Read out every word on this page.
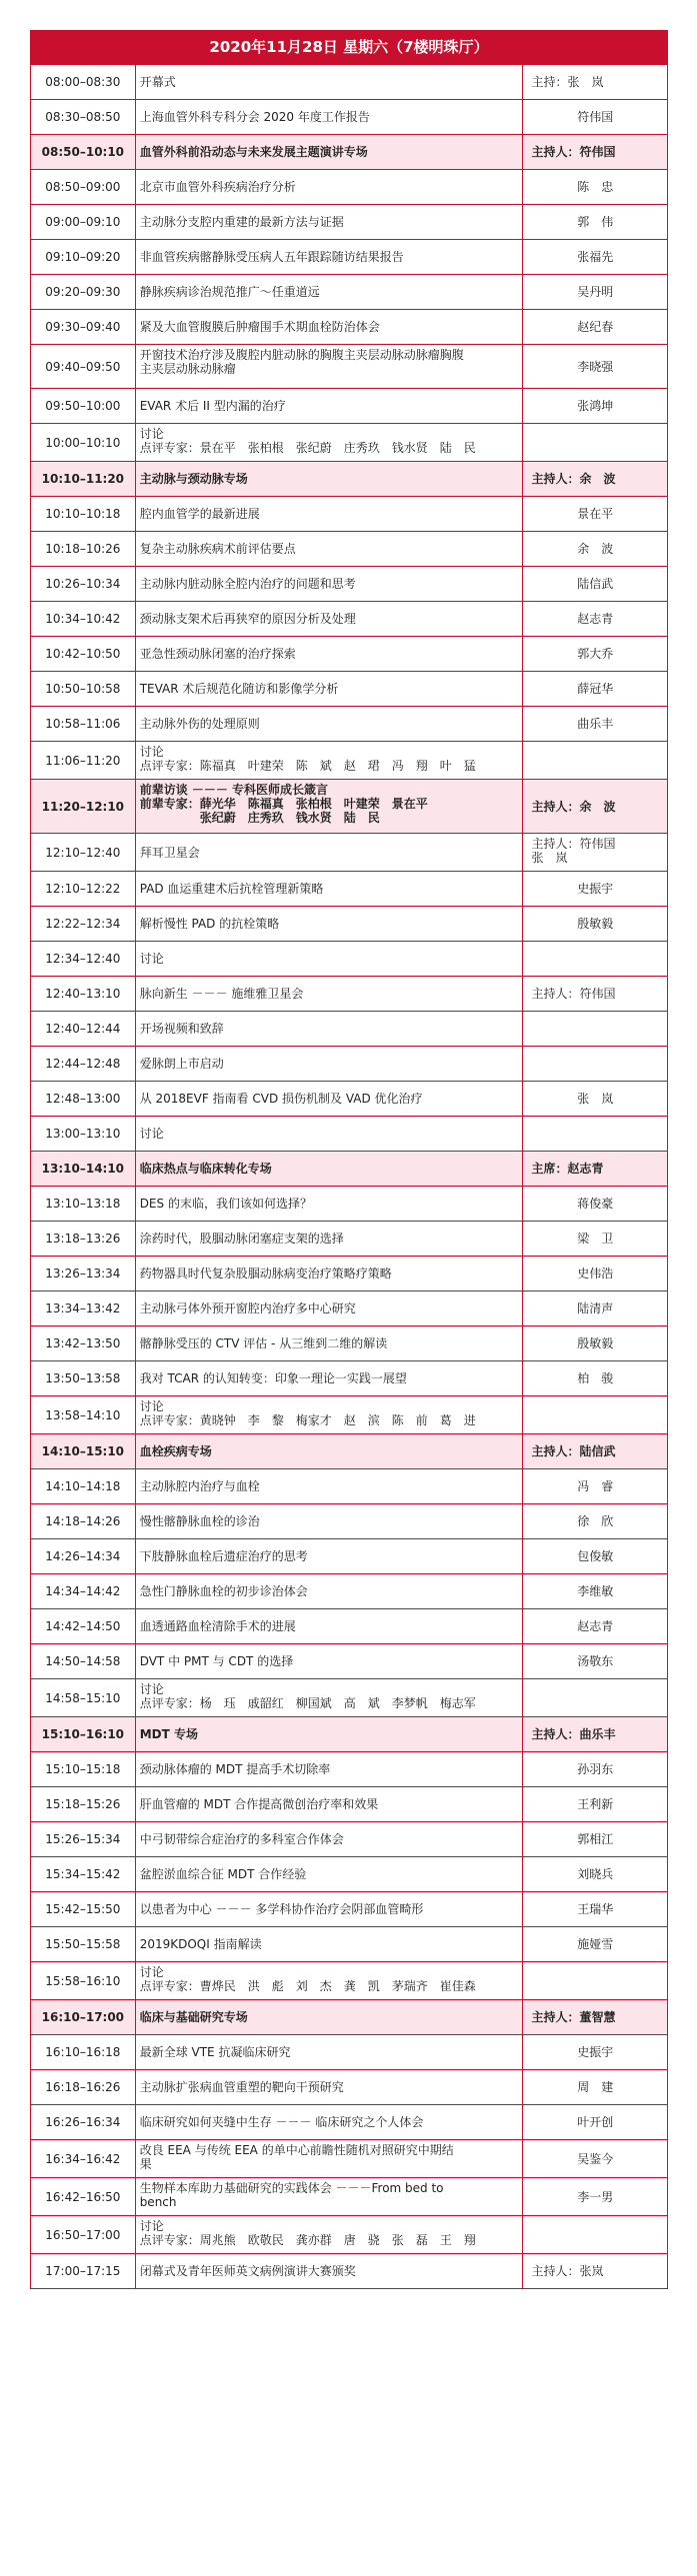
2020年11月28日 星期六（7楼明珠厅）
08:00–08:30	开幕式	主持：张　岚
08:30–08:50	上海血管外科专科分会 2020 年度工作报告	符伟国
08:50–10:10	血管外科前沿动态与未来发展主题演讲专场	主持人：符伟国
08:50–09:00	北京市血管外科疾病治疗分析	陈　忠
09:00–09:10	主动脉分支腔内重建的最新方法与证据	郭　伟
09:10–09:20	非血管疾病髂静脉受压病人五年跟踪随访结果报告	张福先
09:20–09:30	静脉疾病诊治规范推广～任重道远	吴丹明
09:30–09:40	紧及大血管腹膜后肿瘤围手术期血栓防治体会	赵纪春
09:40–09:50
开窗技术治疗涉及腹腔内脏动脉的胸腹主夹层动脉动脉瘤胸腹
主夹层动脉动脉瘤	李晓强
09:50–10:00	EVAR 术后 II 型内漏的治疗	张鸿坤
10:00–10:10
讨论
点评专家：景在平　张柏根　张纪蔚　庄秀玖　钱水贤　陆　民
10:10–11:20	主动脉与颈动脉专场	主持人：余　波
10:10–10:18	腔内血管学的最新进展	景在平
10:18–10:26	复杂主动脉疾病术前评估要点	余　波
10:26–10:34	主动脉内脏动脉全腔内治疗的问题和思考	陆信武
10:34–10:42	颈动脉支架术后再狭窄的原因分析及处理	赵志青
10:42–10:50	亚急性颈动脉闭塞的治疗探索	郭大乔
10:50–10:58	TEVAR 术后规范化随访和影像学分析	薛冠华
10:58–11:06	主动脉外伤的处理原则	曲乐丰
11:06–11:20
讨论
点评专家：陈福真　叶建荣　陈　斌　赵　珺　冯　翔　叶　猛
11:20–12:10
前辈访谈 －－－ 专科医师成长箴言
前辈专家：薛光华　陈福真　张柏根　叶建荣　景在平
　　　　　张纪蔚　庄秀玖　钱水贤　陆　民
主持人：余　波
12:10–12:40	拜耳卫星会
主持人：符伟国
张　岚
12:10–12:22	PAD 血运重建术后抗栓管理新策略	史振宇
12:22–12:34	解析慢性 PAD 的抗栓策略	殷敏毅
12:34–12:40	讨论
12:40–13:10	脉向新生 －－－ 施维雅卫星会	主持人：符伟国
12:40–12:44	开场视频和致辞
12:44–12:48	爱脉朗上市启动
12:48–13:00	从 2018EVF 指南看 CVD 损伤机制及 VAD 优化治疗	张　岚
13:00–13:10	讨论
13:10–14:10	临床热点与临床转化专场	主席：赵志青
13:10–13:18	DES 的末临，我们该如何选择？	蒋俊豪
13:18–13:26	涂药时代，股腘动脉闭塞症支架的选择	梁　卫
13:26–13:34	药物器具时代复杂股腘动脉病变治疗策略疗策略	史伟浩
13:34–13:42	主动脉弓体外预开窗腔内治疗多中心研究	陆清声
13:42–13:50	髂静脉受压的 CTV 评估 - 从三维到二维的解读	殷敏毅
13:50–13:58	我对 TCAR 的认知转变：印象一理论一实践一展望	柏　骏
13:58–14:10
讨论
点评专家：黄晓钟　李　黎　梅家才　赵　滨　陈　前　葛　进
14:10–15:10	血栓疾病专场	主持人：陆信武
14:10–14:18	主动脉腔内治疗与血栓	冯　睿
14:18–14:26	慢性髂静脉血栓的诊治	徐　欣
14:26–14:34	下肢静脉血栓后遗症治疗的思考	包俊敏
14:34–14:42	急性门静脉血栓的初步诊治体会	李维敏
14:42–14:50	血透通路血栓清除手术的进展	赵志青
14:50–14:58	DVT 中 PMT 与 CDT 的选择	汤敬东
14:58–15:10
讨论
点评专家：杨　珏　戚韶红　柳国斌　高　斌　李梦帆　梅志军
15:10–16:10	MDT 专场	主持人：曲乐丰
15:10–15:18	颈动脉体瘤的 MDT 提高手术切除率	孙羽东
15:18–15:26	肝血管瘤的 MDT 合作提高微创治疗率和效果	王利新
15:26–15:34	中弓韧带综合症治疗的多科室合作体会	郭相江
15:34–15:42	盆腔淤血综合征 MDT 合作经验	刘晓兵
15:42–15:50	以患者为中心 －－－ 多学科协作治疗会阴部血管畸形	王瑞华
15:50–15:58	2019KDOQI 指南解读	施娅雪
15:58–16:10
讨论
点评专家：曹烨民　洪　彪　刘　杰　龚　凯　茅瑞齐　崔佳森
16:10–17:00	临床与基础研究专场	主持人：董智慧
16:10–16:18	最新全球 VTE 抗凝临床研究	史振宇
16:18–16:26	主动脉扩张病血管重塑的靶向干预研究	周　建
16:26–16:34	临床研究如何夹缝中生存 －－－ 临床研究之个人体会	叶开创
16:34–16:42
改良 EEA 与传统 EEA 的单中心前瞻性随机对照研究中期结
果	吴鉴今
16:42–16:50
生物样本库助力基础研究的实践体会 －－－From bed to
bench	李一男
16:50–17:00
讨论
点评专家：周兆熊　欧敬民　龚亦群　唐　骁　张　磊　王　翔
17:00–17:15	闭幕式及青年医师英文病例演讲大赛颁奖	主持人：张岚
